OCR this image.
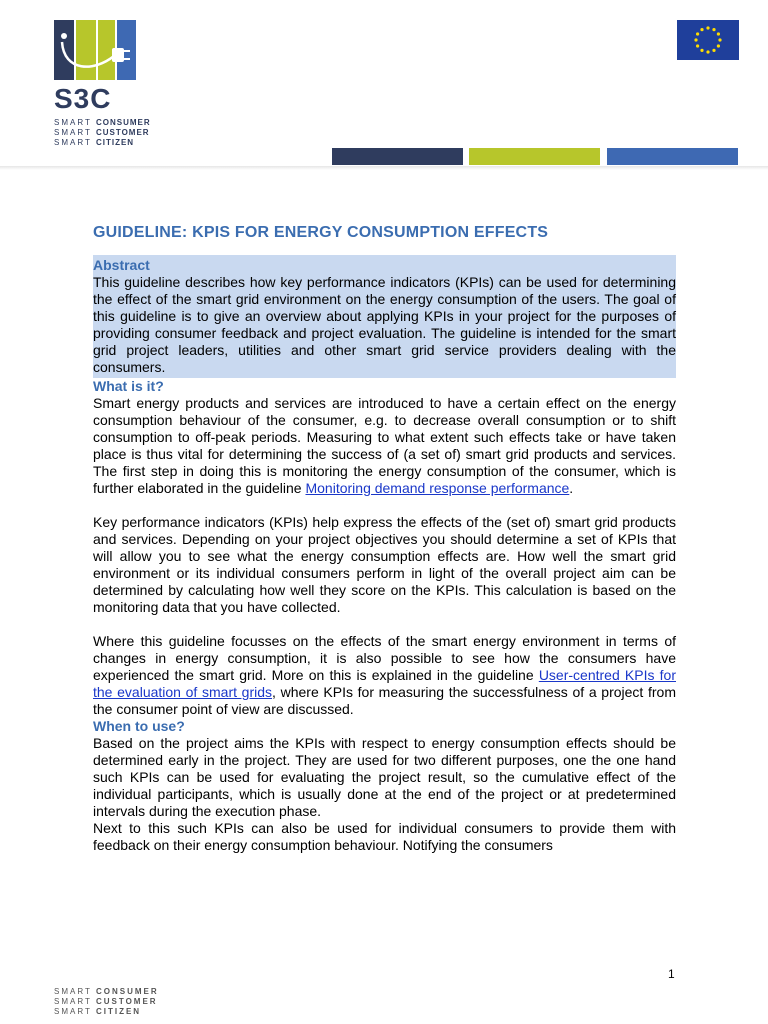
S3C
SMART CONSUMER
SMART CUSTOMER
SMART CITIZEN
GUIDELINE: KPIS FOR ENERGY CONSUMPTION EFFECTS
Abstract

This guideline describes how key performance indicators (KPIs) can be used for determining the effect of the smart grid environment on the energy consumption of the users. The goal of this guideline is to give an overview about applying KPIs in your project for the purposes of providing consumer feedback and project evaluation. The guideline is intended for the smart grid project leaders, utilities and other smart grid service providers dealing with the consumers.

What is it?

Smart energy products and services are introduced to have a certain effect on the energy consumption behaviour of the consumer, e.g. to decrease overall consumption or to shift consumption to off-peak periods. Measuring to what extent such effects take or have taken place is thus vital for determining the success of (a set of) smart grid products and services. The first step in doing this is monitoring the energy consumption of the consumer, which is further elaborated in the guideline Monitoring demand response performance.

Key performance indicators (KPIs) help express the effects of the (set of) smart grid products and services. Depending on your project objectives you should determine a set of KPIs that will allow you to see what the energy consumption effects are. How well the smart grid environment or its individual consumers perform in light of the overall project aim can be determined by calculating how well they score on the KPIs. This calculation is based on the monitoring data that you have collected.

Where this guideline focusses on the effects of the smart energy environment in terms of changes in energy consumption, it is also possible to see how the consumers have experienced the smart grid. More on this is explained in the guideline User-centred KPIs for the evaluation of smart grids, where KPIs for measuring the successfulness of a project from the consumer point of view are discussed.

When to use?

Based on the project aims the KPIs with respect to energy consumption effects should be determined early in the project. They are used for two different purposes, one the one hand such KPIs can be used for evaluating the project result, so the cumulative effect of the individual participants, which is usually done at the end of the project or at predetermined intervals during the execution phase.

Next to this such KPIs can also be used for individual consumers to provide them with feedback on their energy consumption behaviour. Notifying the consumers

1
SMART CONSUMER
SMART CUSTOMER
SMART CITIZEN
